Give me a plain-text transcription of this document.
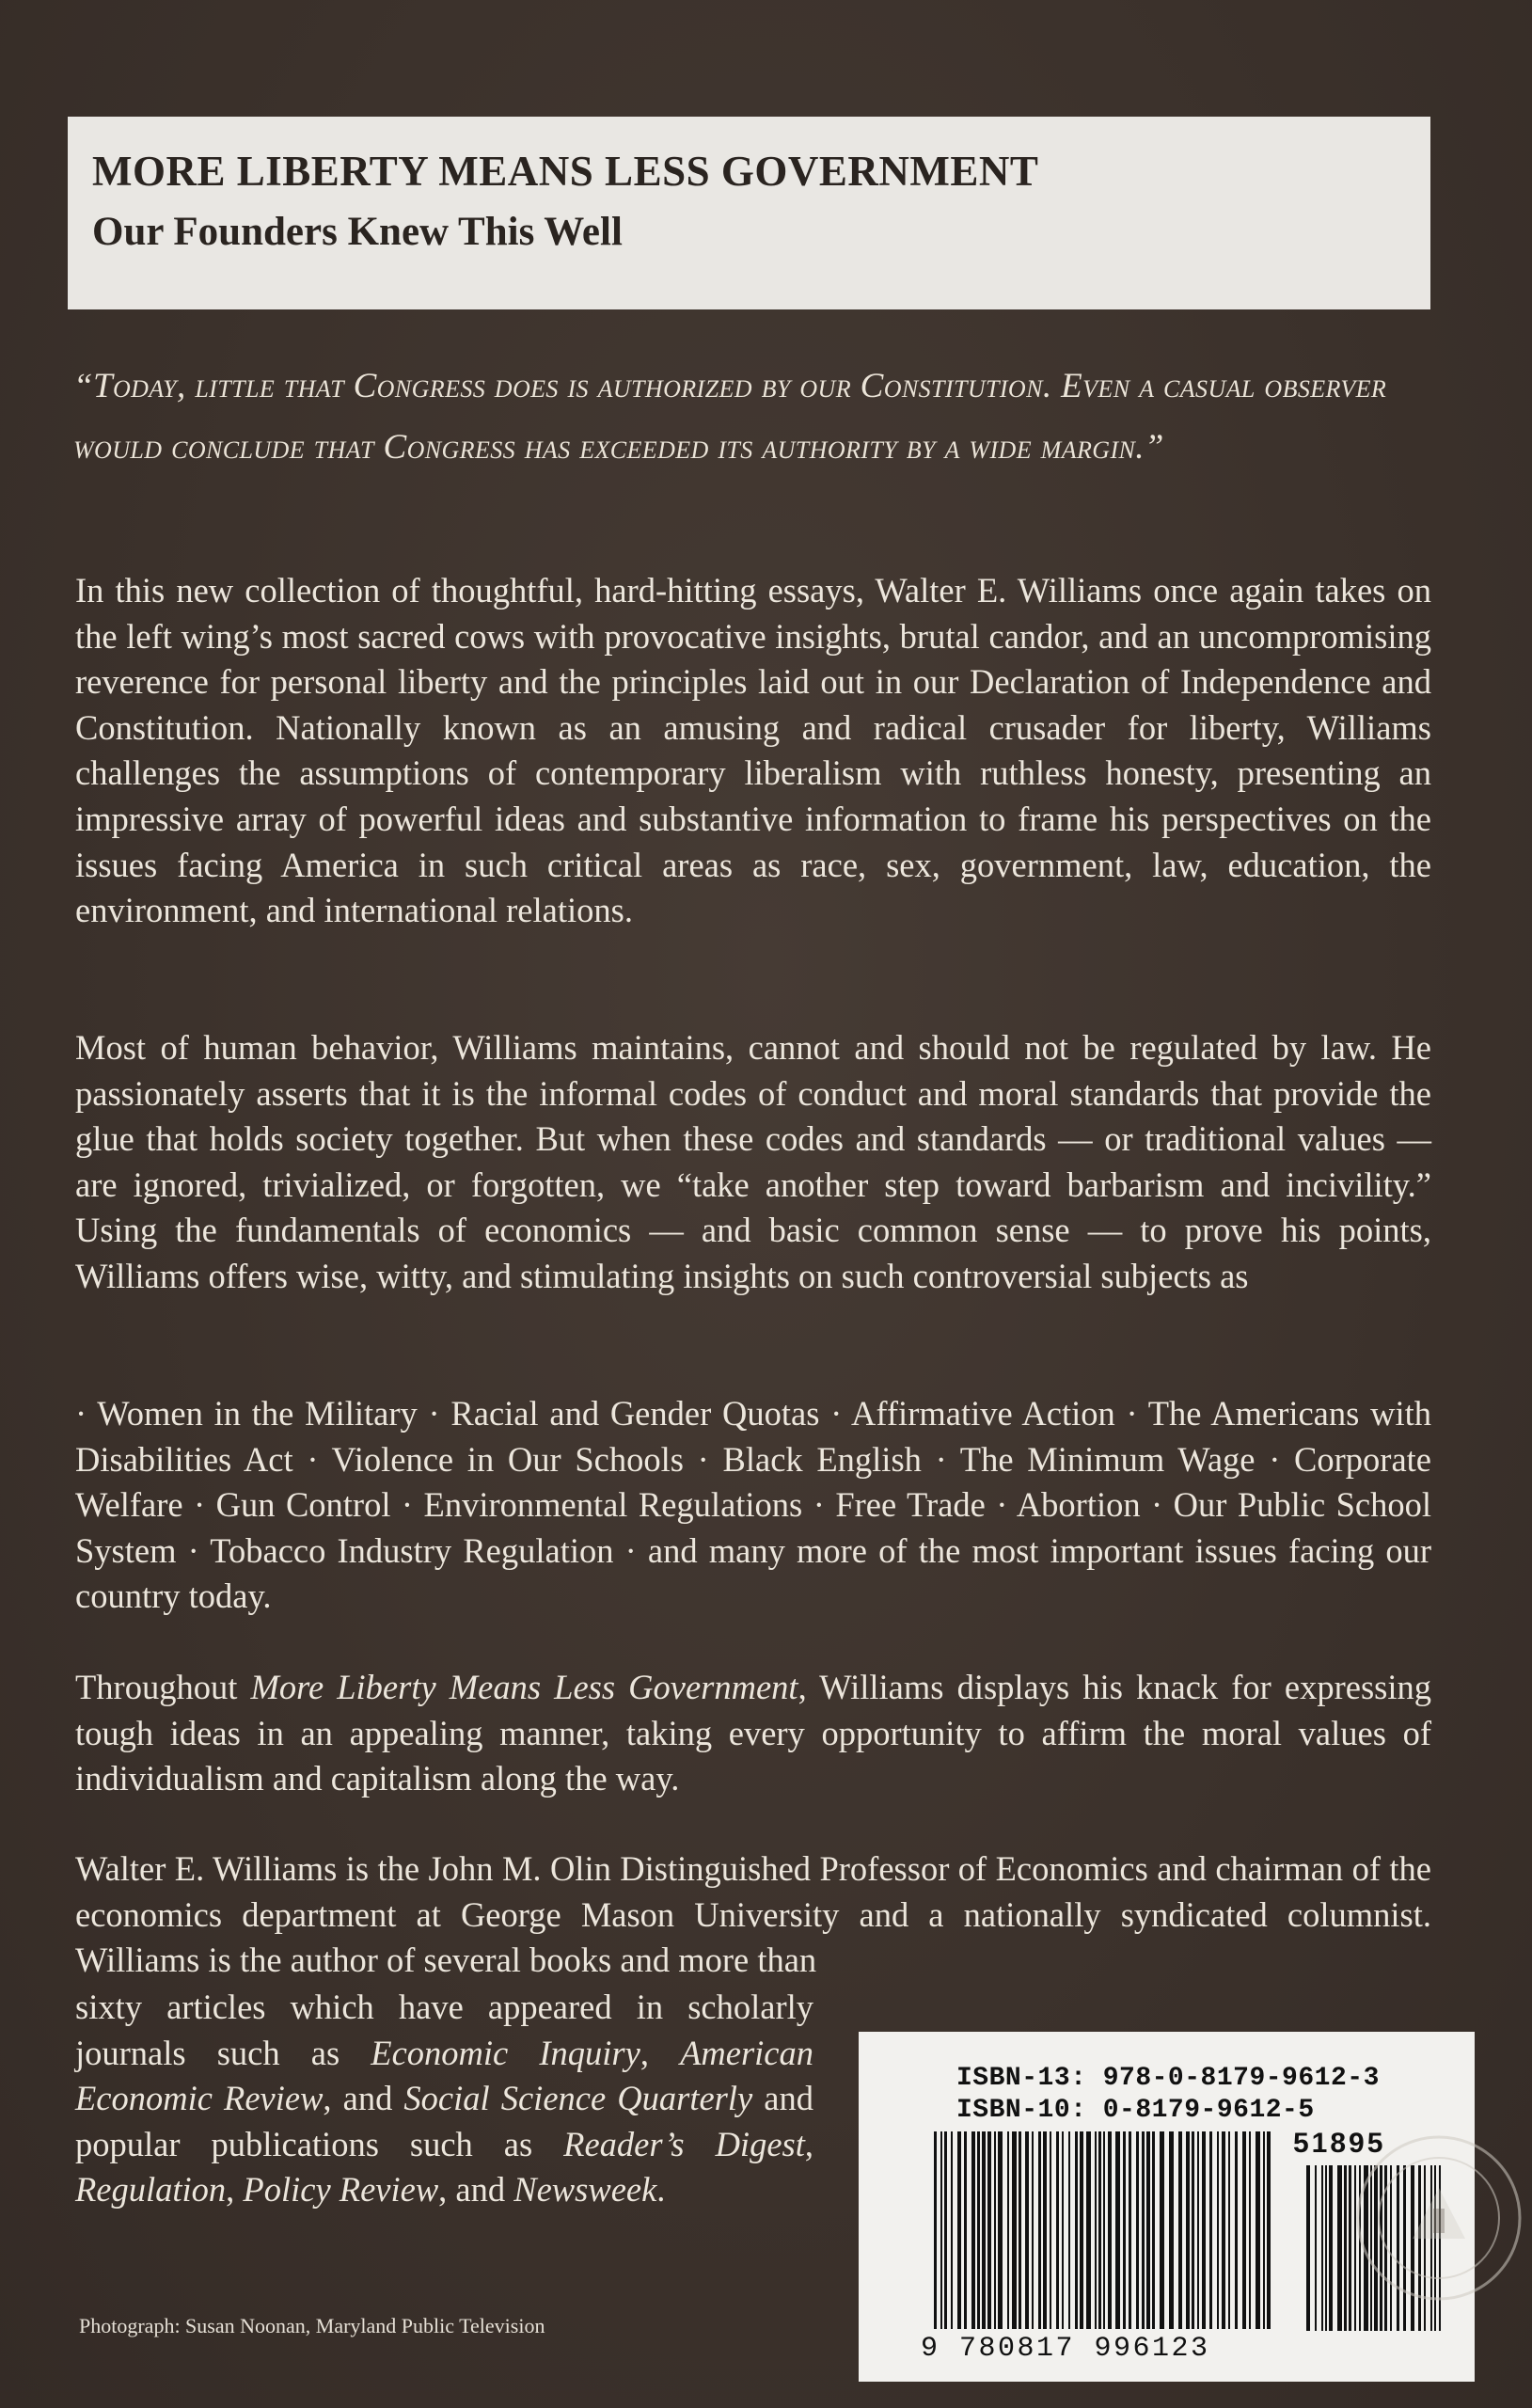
MORE LIBERTY MEANS LESS GOVERNMENT
Our Founders Knew This Well
“Today, little that Congress does is authorized by our Constitution. Even a casual observer would conclude that Congress has exceeded its authority by a wide margin.”

In this new collection of thoughtful, hard-hitting essays, Walter E. Williams once again takes on the left wing’s most sacred cows with provocative insights, brutal candor, and an uncompromising reverence for personal liberty and the principles laid out in our Declaration of Independence and Constitution. Nationally known as an amusing and radical crusader for liberty, Williams challenges the assumptions of contemporary liberalism with ruthless honesty, presenting an impressive array of powerful ideas and substantive information to frame his perspectives on the issues facing America in such critical areas as race, sex, government, law, education, the environment, and international relations.

Most of human behavior, Williams maintains, cannot and should not be regulated by law. He passionately asserts that it is the informal codes of conduct and moral standards that provide the glue that holds society together. But when these codes and standards — or traditional values — are ignored, trivialized, or forgotten, we “take another step toward barbarism and incivility.” Using the fundamentals of economics — and basic common sense — to prove his points, Williams offers wise, witty, and stimulating insights on such controversial subjects as

· Women in the Military · Racial and Gender Quotas · Affirmative Action · The Americans with Disabilities Act · Violence in Our Schools · Black English · The Minimum Wage · Corporate Welfare · Gun Control · Environmental Regulations · Free Trade · Abortion · Our Public School System · Tobacco Industry Regulation · and many more of the most important issues facing our country today.

Throughout More Liberty Means Less Government, Williams displays his knack for expressing tough ideas in an appealing manner, taking every opportunity to affirm the moral values of individualism and capitalism along the way.

Walter E. Williams is the John M. Olin Distinguished Professor of Economics and chairman of the economics department at George Mason University and a nationally syndicated columnist. Williams is the author of several books and more than

sixty articles which have appeared in scholarly journals such as Economic Inquiry, American Economic Review, and Social Science Quarterly and popular publications such as Reader’s Digest, Regulation, Policy Review, and Newsweek.

Photograph: Susan Noonan, Maryland Public Television
ISBN-13: 978-0-8179-9612-3
ISBN-10: 0-8179-9612-5
51895
9 780817 996123
